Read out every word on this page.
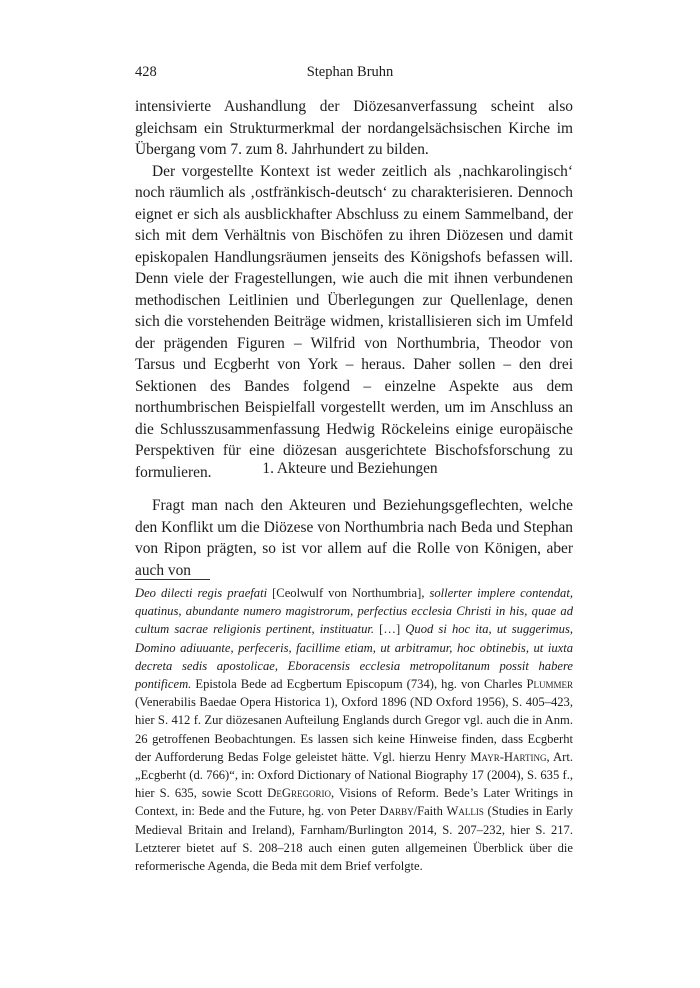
428	Stephan Bruhn

intensivierte Aushandlung der Diözesanverfassung scheint also gleichsam ein Strukturmerkmal der nordangelsächsischen Kirche im Übergang vom 7. zum 8. Jahrhundert zu bilden.

Der vorgestellte Kontext ist weder zeitlich als ‚nachkarolingisch‘ noch räumlich als ‚ostfränkisch-deutsch‘ zu charakterisieren. Dennoch eignet er sich als ausblickhafter Abschluss zu einem Sammelband, der sich mit dem Verhältnis von Bischöfen zu ihren Diözesen und damit episkopalen Handlungsräumen jenseits des Königshofs befassen will. Denn viele der Fragestellungen, wie auch die mit ihnen verbundenen methodischen Leitlinien und Überlegungen zur Quellenlage, denen sich die vorstehenden Beiträge widmen, kristallisieren sich im Umfeld der prägenden Figuren – Wilfrid von Northumbria, Theodor von Tarsus und Ecgberht von York – heraus. Daher sollen – den drei Sektionen des Bandes folgend – einzelne Aspekte aus dem northumbrischen Beispielfall vorgestellt werden, um im Anschluss an die Schlusszusammenfassung Hedwig Röckeleins einige europäische Perspektiven für eine diözesan ausgerichtete Bischofsforschung zu formulieren.	1. Akteure und Beziehungen

Fragt man nach den Akteuren und Beziehungsgeflechten, welche den Konflikt um die Diözese von Northumbria nach Beda und Stephan von Ripon prägten, so ist vor allem auf die Rolle von Königen, aber auch von

Deo dilecti regis praefati [Ceolwulf von Northumbria], sollerter implere contendat, quatinus, abundante numero magistrorum, perfectius ecclesia Christi in his, quae ad cultum sacrae religionis pertinent, instituatur. […] Quod si hoc ita, ut suggerimus, Domino adiuuante, perfeceris, facillime etiam, ut arbitramur, hoc obtinebis, ut iuxta decreta sedis apostolicae, Eboracensis ecclesia metropolitanum possit habere pontificem. Epistola Bede ad Ecgbertum Episcopum (734), hg. von Charles Plummer (Venerabilis Baedae Opera Historica 1), Oxford 1896 (ND Oxford 1956), S. 405–423, hier S. 412 f. Zur diözesanen Aufteilung Englands durch Gregor vgl. auch die in Anm. 26 getroffenen Beobachtungen. Es lassen sich keine Hinweise finden, dass Ecgberht der Aufforderung Bedas Folge geleistet hätte. Vgl. hierzu Henry Mayr-Harting, Art. „Ecgberht (d. 766)“, in: Oxford Dictionary of National Biography 17 (2004), S. 635 f., hier S. 635, sowie Scott DeGregorio, Visions of Reform. Bede’s Later Writings in Context, in: Bede and the Future, hg. von Peter Darby/Faith Wallis (Studies in Early Medieval Britain and Ireland), Farnham/Burlington 2014, S. 207–232, hier S. 217. Letzterer bietet auf S. 208–218 auch einen guten allgemeinen Überblick über die reformerische Agenda, die Beda mit dem Brief verfolgte.
